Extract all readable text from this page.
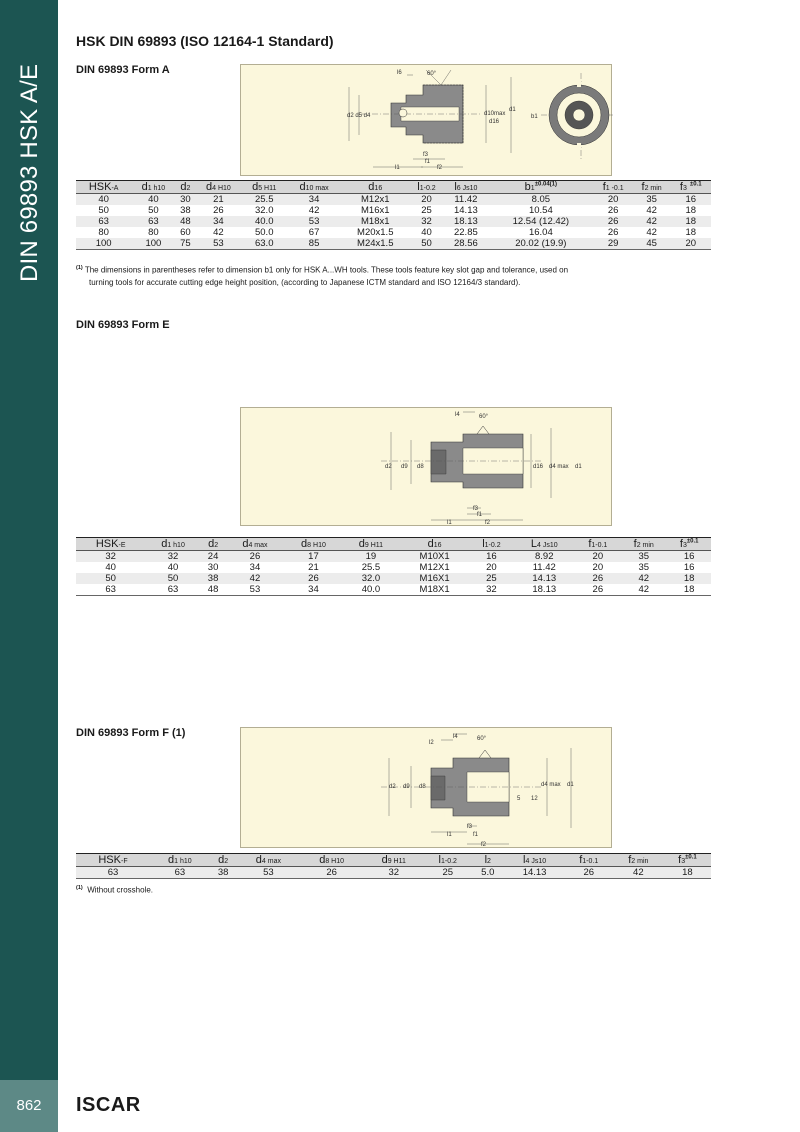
DIN 69893 HSK A/E
862	ISCAR
HSK DIN 69893 (ISO 12164-1 Standard)
DIN 69893 Form A	l6	60°
d2 d5 d4	d10max
d16
d1
f3
f1
l1	f2
b1
HSK-A	d1 h10	d2	d4 H10	d5 H11	d10 max	d16	l1-0.2	l6 Js10	$b1^{\pm 0.04(1)}$	f1 -0.1	f2 min	f3 $^{\pm 0.1}$
40	40	30	21	25.5	34	M12x1	20	11.42	8.05	20	35	16
50	50	38	26	32.0	42	M16x1	25	14.13	10.54	26	42	18
63	63	48	34	40.0	53	M18x1	32	18.13	12.54 (12.42)	26	42	18
80	80	60	42	50.0	67	M20x1.5	40	22.85	16.04	26	42	18
100	100	75	53	63.0	85	M24x1.5	50	28.56	20.02 (19.9)	29	45	20
$^{(1)}$ The dimensions in parentheses refer to dimension b1 only for HSK A...WH tools. These tools feature key slot gap and tolerance, used on
turning tools for accurate cutting edge height position, (according to Japanese ICTM standard and ISO 12164/3 standard).
DIN 69893 Form E
l4	60°
d2 d9 d8	d16 d4 max d1
f3
f1
l1	f2
HSK-E	d1 h10	d2	d4 max	d8 H10	d9 H11	d16	l1-0.2	L4 Js10	f1-0.1	f2 min	$f3^{\pm 0.1}$
32	32	24	26	17	19	M10X1	16	8.92	20	35	16
40	40	30	34	21	25.5	M12X1	20	11.42	20	35	16
50	50	38	42	26	32.0	M16X1	25	14.13	26	42	18
63	63	48	53	34	40.0	M18X1	32	18.13	26	42	18
DIN 69893 Form F (1)	l4
l2
60°
d2 d9 d8	d4 max d1
5 12
f3
f1
l1
f2
HSK-F	d1 h10	d2	d4 max	d8 H10	d9 H11	l1-0.2	l2	l4 Js10	f1-0.1	f2 min	$f3^{\pm 0.1}$
63	63	38	53	26	32	25	5.0	14.13	26	42	18
$^{(1)}$ Without crosshole.
